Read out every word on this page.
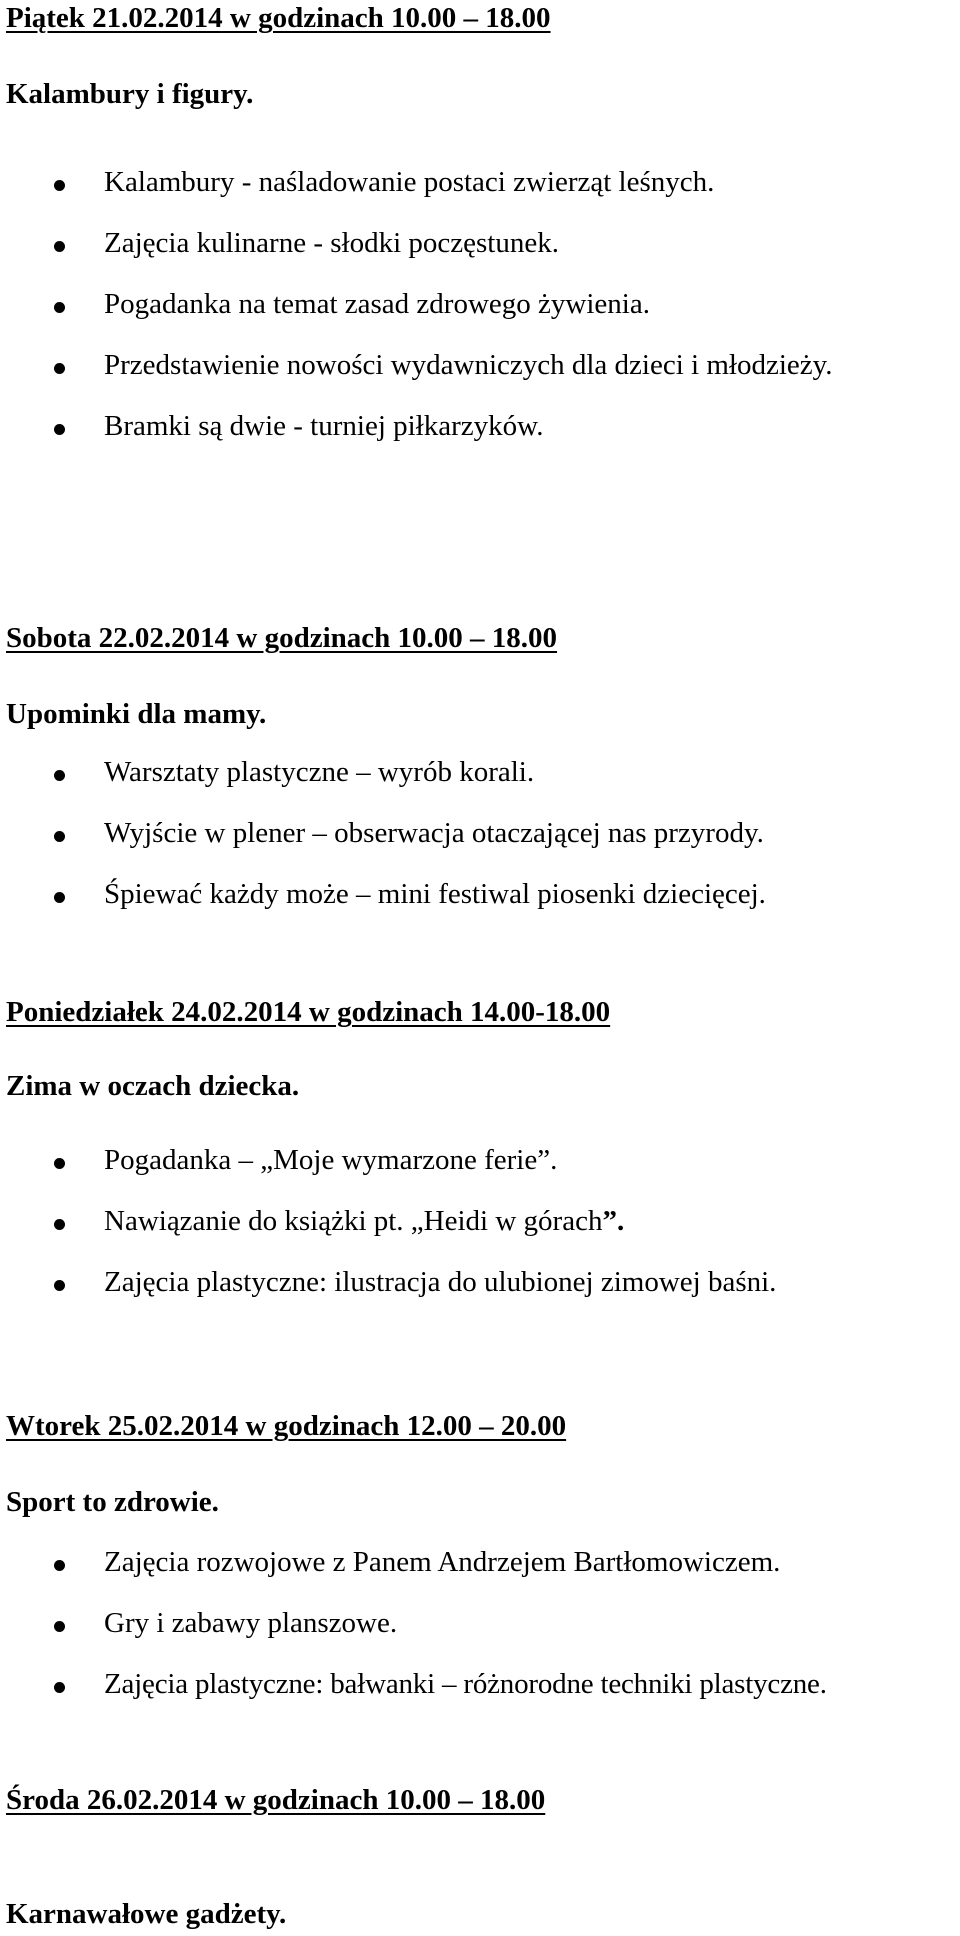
Piątek 21.02.2014 w godzinach 10.00 – 18.00
Kalambury i figury.
Kalambury - naśladowanie postaci zwierząt leśnych.
Zajęcia kulinarne - słodki poczęstunek.
Pogadanka na temat zasad zdrowego żywienia.
Przedstawienie nowości wydawniczych dla dzieci i młodzieży.
Bramki są dwie - turniej piłkarzyków.
Sobota 22.02.2014 w godzinach 10.00 – 18.00
Upominki dla mamy.
Warsztaty plastyczne – wyrób korali.
Wyjście w plener – obserwacja otaczającej nas przyrody.
Śpiewać każdy może – mini festiwal piosenki dziecięcej.
Poniedziałek 24.02.2014 w godzinach 14.00-18.00
Zima w oczach dziecka.
Pogadanka – „Moje wymarzone ferie”.
Nawiązanie do książki pt. „Heidi w górach”.
Zajęcia plastyczne: ilustracja do ulubionej zimowej baśni.
Wtorek 25.02.2014 w godzinach 12.00 – 20.00
Sport to zdrowie.
Zajęcia rozwojowe z Panem Andrzejem Bartłomowiczem.
Gry i zabawy planszowe.
Zajęcia plastyczne: bałwanki – różnorodne techniki plastyczne.
Środa 26.02.2014 w godzinach 10.00 – 18.00
Karnawałowe gadżety.
